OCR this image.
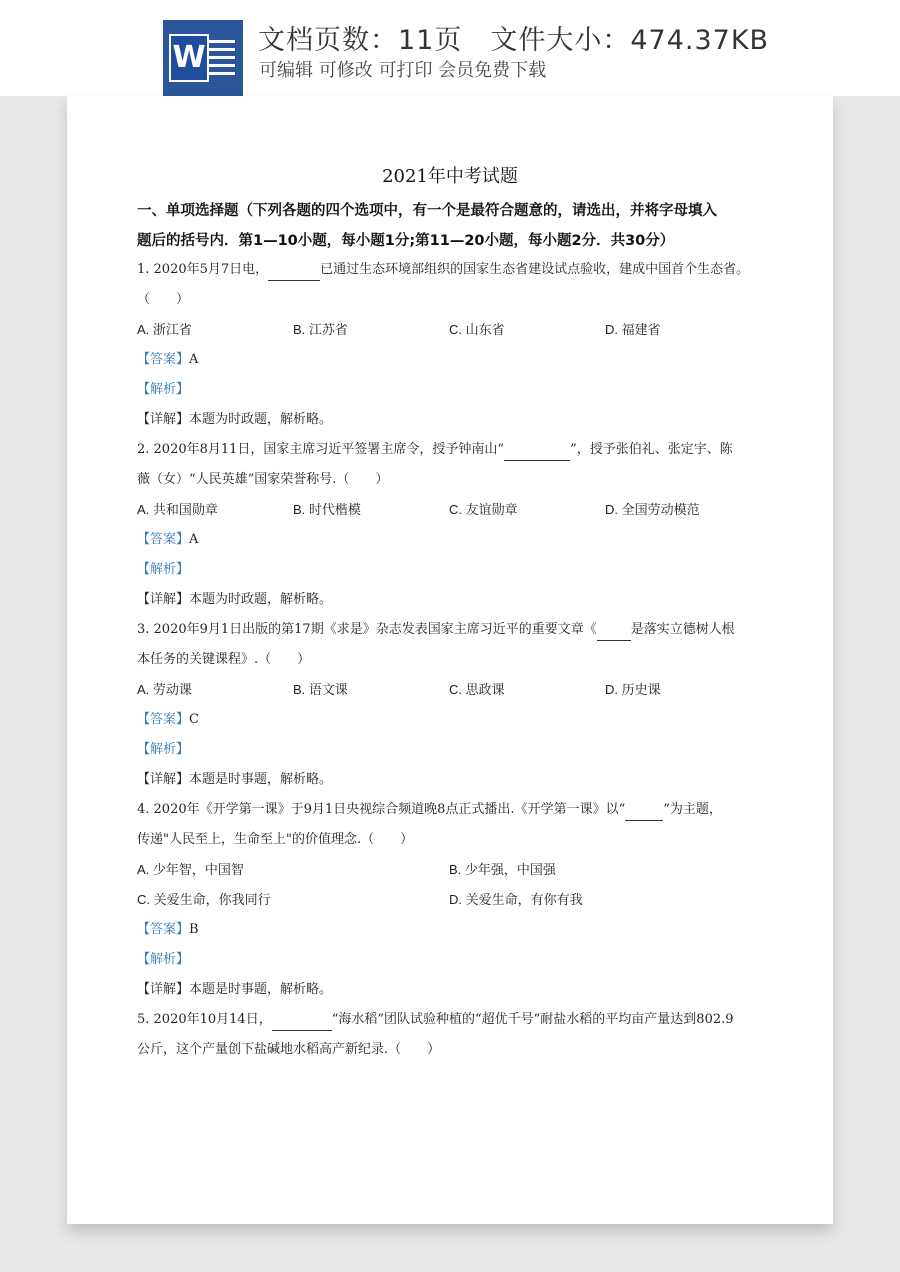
W 文档页数：11页　文件大小：474.37KB
可编辑 可修改 可打印 会员免费下载
2021年中考试题
一、单项选择题（下列各题的四个选项中，有一个是最符合题意的，请选出，并将字母填入
题后的括号内．第1—10小题，每小题1分;第11—20小题，每小题2分．共30分）
1. 2020年5月7日电，	已通过生态环境部组织的国家生态省建设试点验收，建成中国首个生态省。
（　　）
A. 浙江省	B. 江苏省	C. 山东省	D. 福建省
【答案】A
【解析】
【详解】本题为时政题，解析略。
2. 2020年8月11日，国家主席习近平签署主席令，授予钟南山“	”，授予张伯礼、张定宇、陈
薇（女）“人民英雄”国家荣誉称号.（　　）
A. 共和国勋章	B. 时代楷模	C. 友谊勋章	D. 全国劳动模范
【答案】A
【解析】
【详解】本题为时政题，解析略。
3. 2020年9月1日出版的第17期《求是》杂志发表国家主席习近平的重要文章《	是落实立德树人根
本任务的关键课程》.（　　）
A. 劳动课	B. 语文课	C. 思政课	D. 历史课
【答案】C
【解析】
【详解】本题是时事题，解析略。
4. 2020年《开学第一课》于9月1日央视综合频道晚8点正式播出.《开学第一课》以“	”为主题，
传递"人民至上，生命至上"的价值理念.（　　）
A. 少年智，中国智	B. 少年强，中国强
C. 关爱生命，你我同行	D. 关爱生命，有你有我
【答案】B
【解析】
【详解】本题是时事题，解析略。
5. 2020年10月14日，	“海水稻”团队试验种植的“超优千号”耐盐水稻的平均亩产量达到802.9
公斤，这个产量创下盐碱地水稻高产新纪录.（　　）
